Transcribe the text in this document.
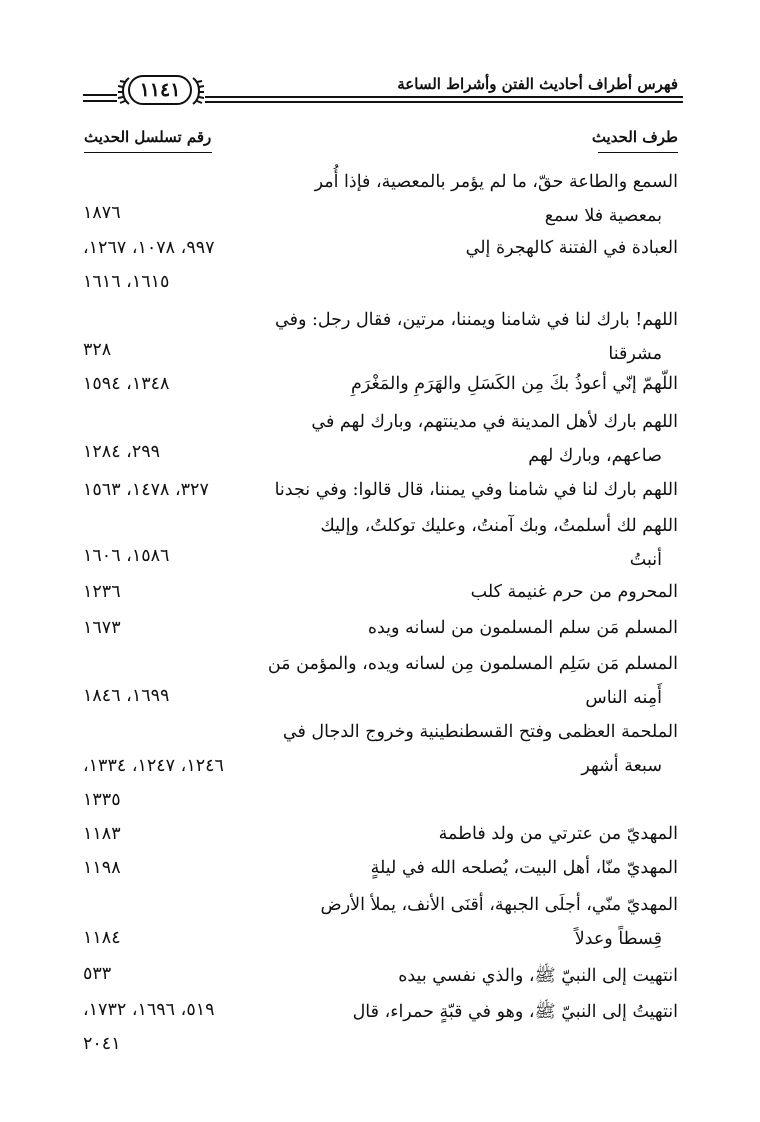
فهرس أطراف أحاديث الفتن وأشراط الساعة
١١٤١
طرف الحديث
رقم تسلسل الحديث
السمع والطاعة حقّ، ما لم يؤمر بالمعصية، فإذا أُمر
بمعصية فلا سمع
١٨٧٦
العبادة في الفتنة كالهجرة إلي
٩٩٧، ١٠٧٨، ١٢٦٧،
١٦١٥، ١٦١٦
اللهم! بارك لنا في شامنا ويمننا، مرتين، فقال رجل: وفي
مشرقنا
٣٢٨
اللّهمّ إنّي أعوذُ بكَ مِن الكَسَلِ والهَرَمِ والمَغْرَمِ
١٣٤٨، ١٥٩٤
اللهم بارك لأهل المدينة في مدينتهم، وبارك لهم في
صاعهم، وبارك لهم
٢٩٩، ١٢٨٤
اللهم بارك لنا في شامنا وفي يمننا، قال قالوا: وفي نجدنا
٣٢٧، ١٤٧٨، ١٥٦٣
اللهم لك أسلمتُ، وبك آمنتُ، وعليك توكلتُ، وإليك
أنبتُ
١٥٨٦، ١٦٠٦
المحروم من حرم غنيمة كلب
١٢٣٦
المسلم مَن سلم المسلمون من لسانه ويده
١٦٧٣
المسلم مَن سَلِم المسلمون مِن لسانه ويده، والمؤمن مَن
أَمِنه الناس
١٦٩٩، ١٨٤٦
الملحمة العظمى وفتح القسطنطينية وخروج الدجال في
سبعة أشهر
١٢٤٦، ١٢٤٧، ١٣٣٤،
١٣٣٥
المهديّ من عترتي من ولد فاطمة
١١٨٣
المهديّ منّا، أهل البيت، يُصلحه الله في ليلةٍ
١١٩٨
المهديّ منّي، أجلَى الجبهة، أقنَى الأنف، يملأ الأرض
قِسطاً وعدلاً
١١٨٤
انتهيت إلى النبيّ ﷺ، والذي نفسي بيده
٥٣٣
انتهيتُ إلى النبيّ ﷺ، وهو في قبّةٍ حمراء، قال
٥١٩، ١٦٩٦، ١٧٣٢،
٢٠٤١
